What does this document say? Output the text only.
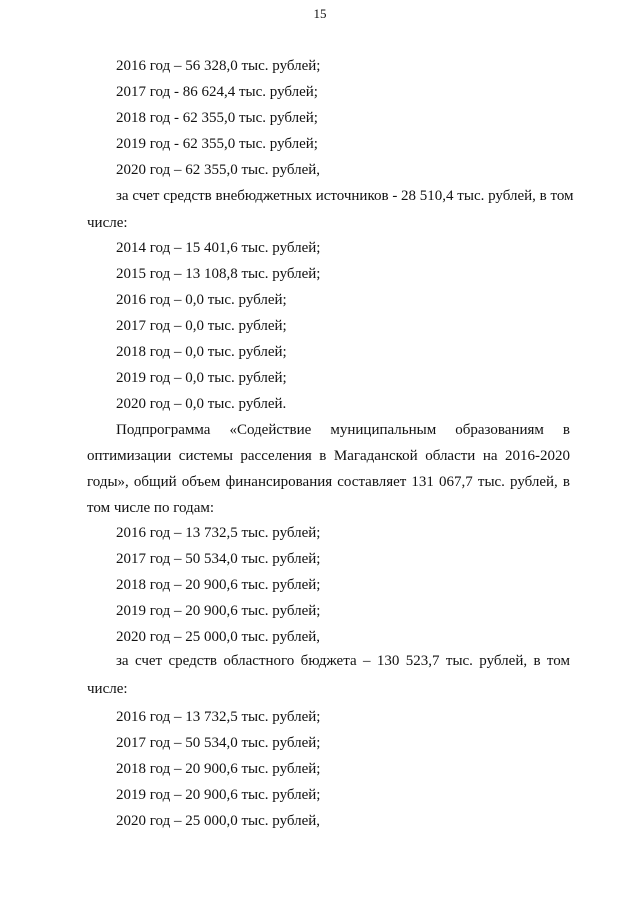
15
2016 год – 56 328,0 тыс. рублей;
2017 год - 86 624,4 тыс. рублей;
2018 год - 62 355,0 тыс. рублей;
2019 год - 62 355,0 тыс. рублей;
2020 год – 62 355,0 тыс. рублей,
за счет средств внебюджетных источников - 28 510,4 тыс. рублей, в том
числе:
2014 год – 15 401,6 тыс. рублей;
2015 год – 13 108,8 тыс. рублей;
2016 год – 0,0 тыс. рублей;
2017 год – 0,0 тыс. рублей;
2018 год – 0,0 тыс. рублей;
2019 год – 0,0 тыс. рублей;
2020 год – 0,0 тыс. рублей.
Подпрограмма «Содействие муниципальным образованиям в
оптимизации системы расселения в Магаданской области на 2016-2020
годы», общий объем финансирования составляет 131 067,7 тыс. рублей, в
том числе по годам:
2016 год – 13 732,5 тыс. рублей;
2017 год – 50 534,0 тыс. рублей;
2018 год – 20 900,6 тыс. рублей;
2019 год – 20 900,6 тыс. рублей;
2020 год – 25 000,0 тыс. рублей,
за счет средств областного бюджета – 130 523,7 тыс. рублей, в том
числе:
2016 год – 13 732,5 тыс. рублей;
2017 год – 50 534,0 тыс. рублей;
2018 год – 20 900,6 тыс. рублей;
2019 год – 20 900,6 тыс. рублей;
2020 год – 25 000,0 тыс. рублей,
